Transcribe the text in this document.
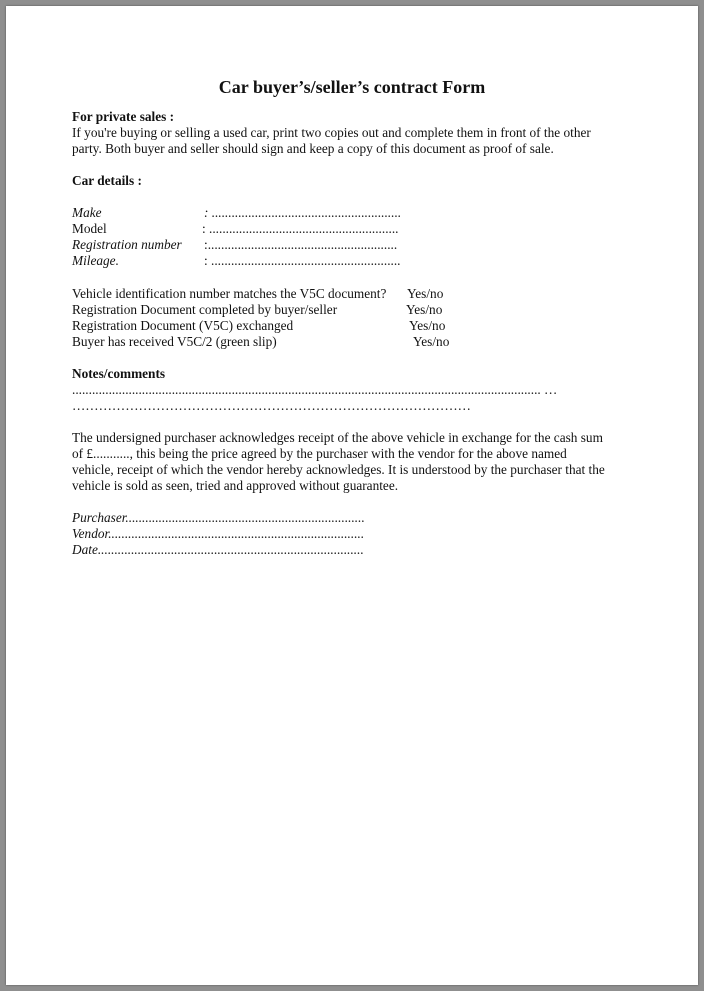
Car buyer’s/seller’s contract Form
For private sales :
If you're buying or selling a used car, print two copies out and complete them in front of the other
party. Both buyer and seller should sign and keep a copy of this document as proof of sale.
Car details :
Make	: .........................................................
Model	: .........................................................
Registration number :.........................................................
Mileage.	: .........................................................
Vehicle identification number matches the V5C document? Yes/no
Registration Document completed by buyer/seller	Yes/no
Registration Document (V5C) exchanged	Yes/no
Buyer has received V5C/2 (green slip)	Yes/no
Notes/comments
............................................................................................................................................. …
………………………………………………………………………………
The undersigned purchaser acknowledges receipt of the above vehicle in exchange for the cash sum
of £..........., this being the price agreed by the purchaser with the vendor for the above named
vehicle, receipt of which the vendor hereby acknowledges. It is understood by the purchaser that the
vehicle is sold as seen, tried and approved without guarantee.
Purchaser........................................................................
Vendor.............................................................................
Date................................................................................
